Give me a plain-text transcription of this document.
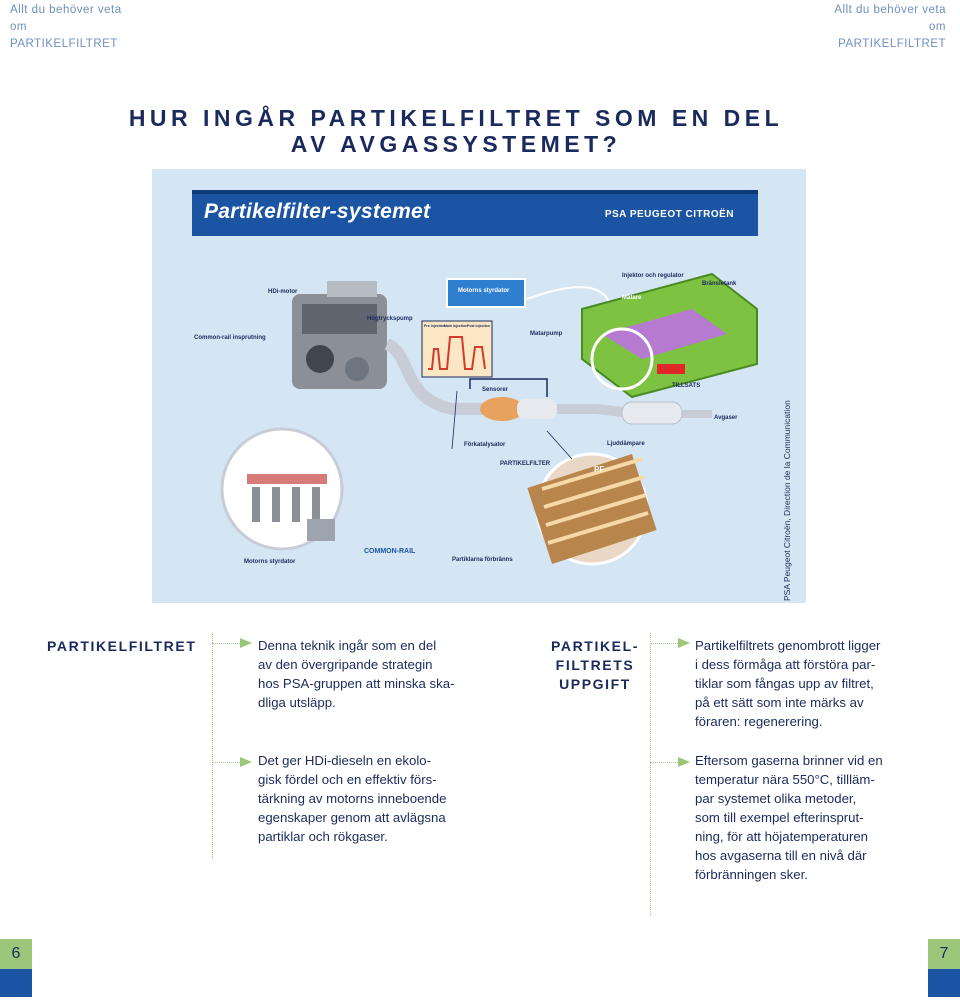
Allt du behöver veta
om
PARTIKELFILTRET
Allt du behöver veta
om
PARTIKELFILTRET
HUR INGÅR PARTIKELFILTRET SOM EN DEL
AV AVGASSYSTEMET?
Partikelfilter-systemet	PSA PEUGEOT CITROËN
HDi-motor
Common-rail insprutning
Högtryckspump
Motorns styrdator
Injektor och regulator
Bränsletank
Mätare
Matarpump
TILLSATS
Sensorer
Förkatalysator
PARTIKELFILTER
Ljuddämpare
Avgaser
PF
COMMON-RAIL
Motorns styrdator	Partiklarna förbränns
Pre injection
Main injection Post injection
PSA Peugeot Citroën, Direction de la Communication
PARTIKELFILTRET	Denna teknik ingår som en del
av den övergripande strategin
hos PSA-gruppen att minska ska-
dliga utsläpp.
Det ger HDi-dieseln en ekolo-
gisk fördel och en effektiv förs-
tärkning av motorns inneboende
egenskaper genom att avlägsna
partiklar och rökgaser.
PARTIKEL-
FILTRETS
UPPGIFT
Partikelfiltrets genombrott ligger
i dess förmåga att förstöra par-
tiklar som fångas upp av filtret,
på ett sätt som inte märks av
föraren: regenerering.
Eftersom gaserna brinner vid en
temperatur nära 550°C, tillläm-
par systemet olika metoder,
som till exempel efterinsprut-
ning, för att höjatemperaturen
hos avgaserna till en nivå där
förbränningen sker.
6	7
